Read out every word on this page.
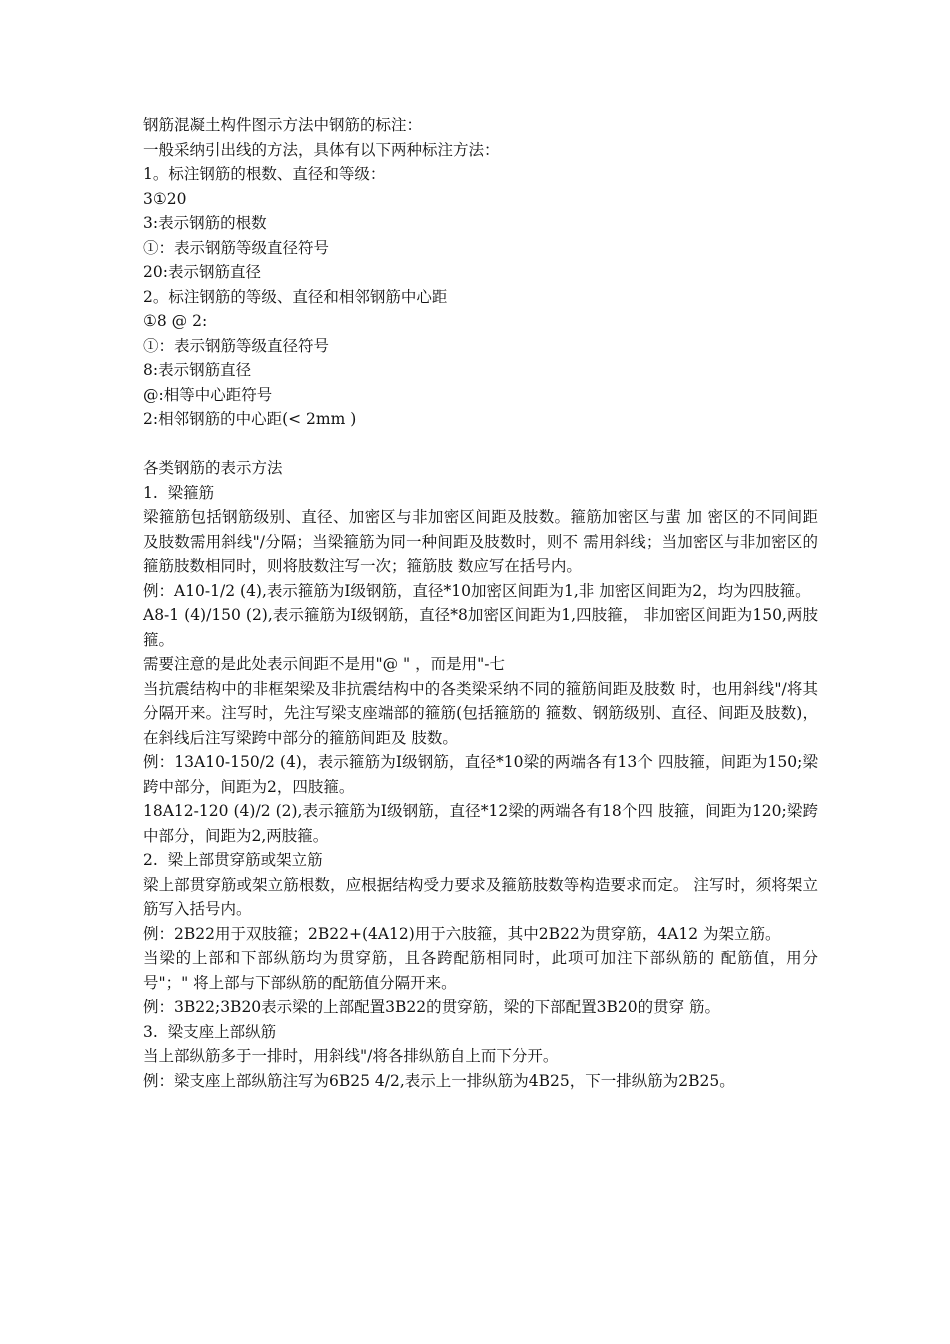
钢筋混凝土构件图示方法中钢筋的标注：

一般采纳引出线的方法，具体有以下两种标注方法：

1。标注钢筋的根数、直径和等级：

3①20

3:表示钢筋的根数

①：表示钢筋等级直径符号

20:表示钢筋直径

2。标注钢筋的等级、直径和相邻钢筋中心距

①8 @ 2:

①：表示钢筋等级直径符号

8:表示钢筋直径

@:相等中心距符号

2:相邻钢筋的中心距(< 2mm )

各类钢筋的表示方法

1.  梁箍筋

梁箍筋包括钢筋级别、直径、加密区与非加密区间距及肢数。箍筋加密区与蜚 加 密区的不同间距及肢数需用斜线"/分隔；当梁箍筋为同一种间距及肢数时，则不 需用斜线；当加密区与非加密区的箍筋肢数相同时，则将肢数注写一次；箍筋肢 数应写在括号内。

例：A10-1/2 (4),表示箍筋为Ⅰ级钢筋，直径*10加密区间距为1,非 加密区间距为2，均为四肢箍。

A8-1 (4)/150 (2),表示箍筋为Ⅰ级钢筋，直径*8加密区间距为1,四肢箍， 非加密区间距为150,两肢箍。

需要注意的是此处表示间距不是用"@ " ，而是用"-七

当抗震结构中的非框架梁及非抗震结构中的各类梁采纳不同的箍筋间距及肢数 时，也用斜线"/将其分隔开来。注写时，先注写梁支座端部的箍筋(包括箍筋的 箍数、钢筋级别、直径、间距及肢数)，在斜线后注写梁跨中部分的箍筋间距及 肢数。

例：13A10-150/2 (4)，表示箍筋为Ⅰ级钢筋，直径*10梁的两端各有13个 四肢箍，间距为150;梁跨中部分，间距为2，四肢箍。

18A12-120 (4)/2 (2),表示箍筋为Ⅰ级钢筋，直径*12梁的两端各有18个四 肢箍，间距为120;梁跨中部分，间距为2,两肢箍。

2.  梁上部贯穿筋或架立筋

梁上部贯穿筋或架立筋根数，应根据结构受力要求及箍筋肢数等构造要求而定。 注写时，须将架立筋写入括号内。

例：2B22用于双肢箍；2B22+(4A12)用于六肢箍，其中2B22为贯穿筋，4A12 为架立筋。

当梁的上部和下部纵筋均为贯穿筋，且各跨配筋相同时，此项可加注下部纵筋的 配筋值，用分号"；" 将上部与下部纵筋的配筋值分隔开来。

例：3B22;3B20表示梁的上部配置3B22的贯穿筋，梁的下部配置3B20的贯穿 筋。

3.  梁支座上部纵筋

当上部纵筋多于一排时，用斜线"/将各排纵筋自上而下分开。

例：梁支座上部纵筋注写为6B25 4/2,表示上一排纵筋为4B25，下一排纵筋为2B25。
